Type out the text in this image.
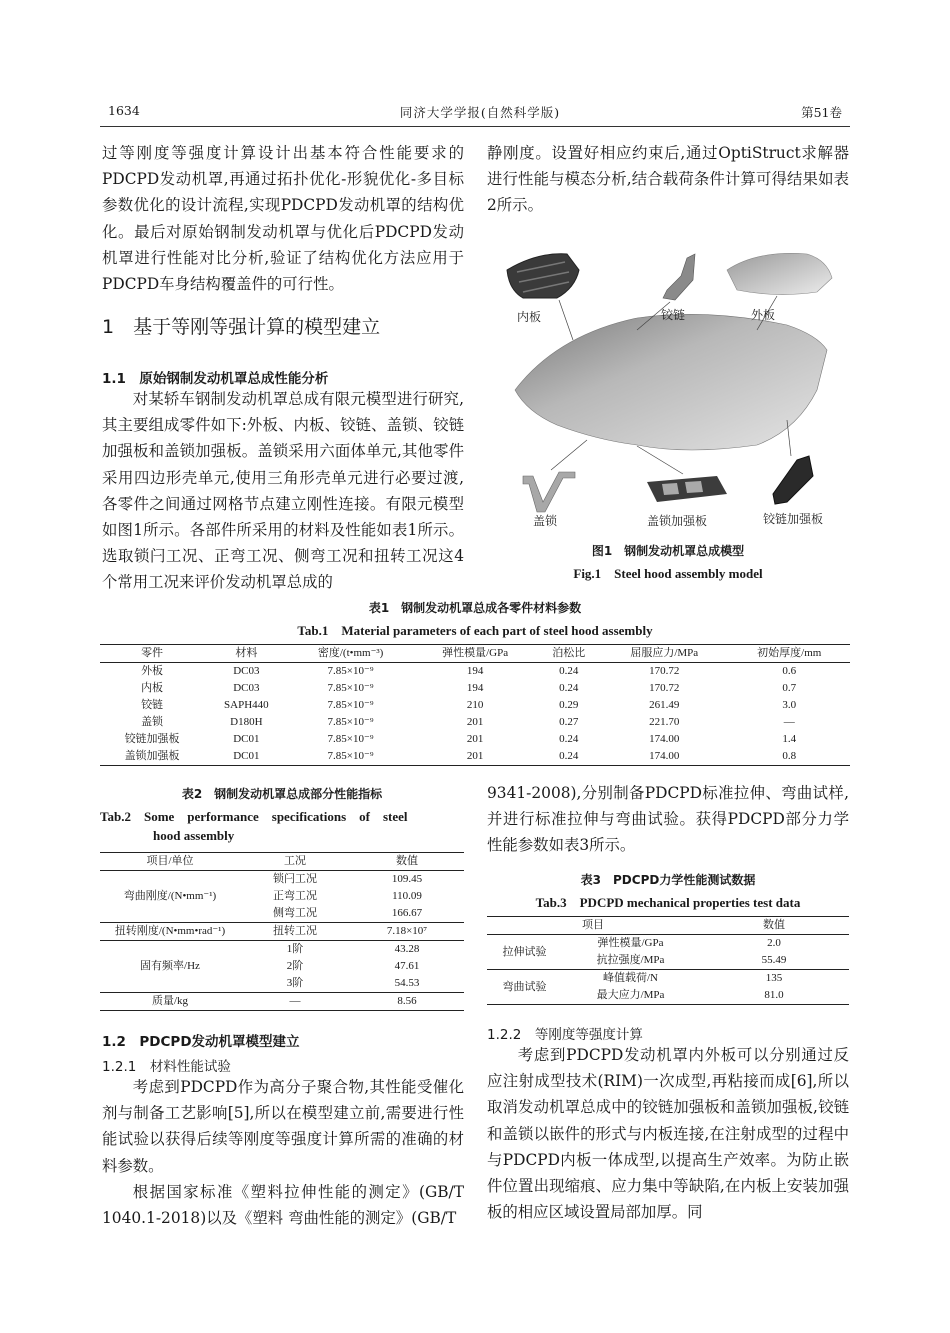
1634	同济大学学报(自然科学版)	第51卷

过等刚度等强度计算设计出基本符合性能要求的PDCPD发动机罩,再通过拓扑优化-形貌优化-多目标参数优化的设计流程,实现PDCPD发动机罩的结构优化。最后对原始钢制发动机罩与优化后PDCPD发动机罩进行性能对比分析,验证了结构优化方法应用于PDCPD车身结构覆盖件的可行性。

1　基于等刚等强计算的模型建立
1.1　原始钢制发动机罩总成性能分析

对某轿车钢制发动机罩总成有限元模型进行研究,其主要组成零件如下:外板、内板、铰链、盖锁、铰链加强板和盖锁加强板。盖锁采用六面体单元,其他零件采用四边形壳单元,使用三角形壳单元进行必要过渡,各零件之间通过网格节点建立刚性连接。有限元模型如图1所示。各部件所采用的材料及性能如表1所示。选取锁闩工况、正弯工况、侧弯工况和扭转工况这4个常用工况来评价发动机罩总成的

静刚度。设置好相应约束后,通过OptiStruct求解器进行性能与模态分析,结合载荷条件计算可得结果如表2所示。

内板	铰链	外板
盖锁	盖锁加强板	铰链加强板
图1　钢制发动机罩总成模型
Fig.1　Steel hood assembly model
表1　钢制发动机罩总成各零件材料参数
Tab.1　Material parameters of each part of steel hood assembly
零件	材料	密度/(t•mm⁻³)	弹性模量/GPa	泊松比	屈服应力/MPa	初始厚度/mm
外板	DC03	7.85×10⁻⁹	194	0.24	170.72	0.6
内板	DC03	7.85×10⁻⁹	194	0.24	170.72	0.7
铰链	SAPH440	7.85×10⁻⁹	210	0.29	261.49	3.0
盖锁	D180H	7.85×10⁻⁹	201	0.27	221.70	—
铰链加强板	DC01	7.85×10⁻⁹	201	0.24	174.00	1.4
盖锁加强板	DC01	7.85×10⁻⁹	201	0.24	174.00	0.8
表2　钢制发动机罩总成部分性能指标
Tab.2　Some　performance　specifications　of　steel
hood assembly
项目/单位	工况	数值
弯曲刚度/(N•mm⁻¹)	锁闩工况	109.45
	正弯工况	110.09
	侧弯工况	166.67
扭转刚度/(N•mm•rad⁻¹)	扭转工况	7.18×10⁷
固有频率/Hz	1阶	43.28
	2阶	47.61
	3阶	54.53
质量/kg	—	8.56
1.2　PDCPD发动机罩模型建立
1.2.1　材料性能试验

考虑到PDCPD作为高分子聚合物,其性能受催化剂与制备工艺影响[5],所以在模型建立前,需要进行性能试验以获得后续等刚度等强度计算所需的准确的材料参数。

根据国家标准《塑料拉伸性能的测定》(GB/T 1040.1-2018)以及《塑料 弯曲性能的测定》(GB/T

9341-2008),分别制备PDCPD标准拉伸、弯曲试样,并进行标准拉伸与弯曲试验。获得PDCPD部分力学性能参数如表3所示。

表3　PDCPD力学性能测试数据
Tab.3　PDCPD mechanical properties test data
项目		数值
拉伸试验	弹性模量/GPa	2.0
	抗拉强度/MPa	55.49
弯曲试验	峰值载荷/N	135
	最大应力/MPa	81.0
1.2.2　等刚度等强度计算

考虑到PDCPD发动机罩内外板可以分别通过反应注射成型技术(RIM)一次成型,再粘接而成[6],所以取消发动机罩总成中的铰链加强板和盖锁加强板,铰链和盖锁以嵌件的形式与内板连接,在注射成型的过程中与PDCPD内板一体成型,以提高生产效率。为防止嵌件位置出现缩痕、应力集中等缺陷,在内板上安装加强板的相应区域设置局部加厚。同
